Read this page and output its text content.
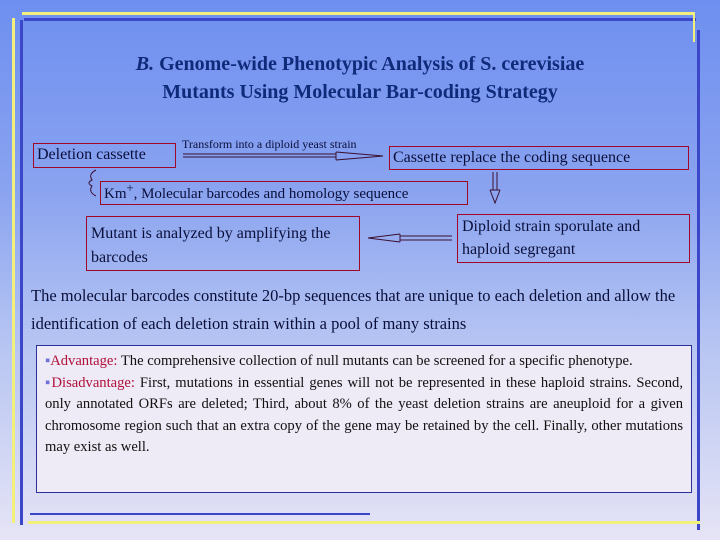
B. Genome-wide Phenotypic Analysis of S. cerevisiae
Mutants Using Molecular Bar-coding Strategy
Deletion cassette
Transform into a diploid yeast strain
Cassette replace the coding sequence
Km+, Molecular barcodes and homology sequence
Mutant is analyzed by amplifying the barcodes
Diploid strain sporulate and haploid segregant
The molecular barcodes constitute 20-bp sequences that are unique to each deletion and allow the identification of each deletion strain within a pool of many strains
▪Advantage: The comprehensive collection of null mutants can be screened for a specific phenotype.
▪Disadvantage: First, mutations in essential genes will not be represented in these haploid strains. Second, only annotated ORFs are deleted; Third, about 8% of the yeast deletion strains are aneuploid for a given chromosome region such that an extra copy of the gene may be retained by the cell. Finally, other mutations may exist as well.
